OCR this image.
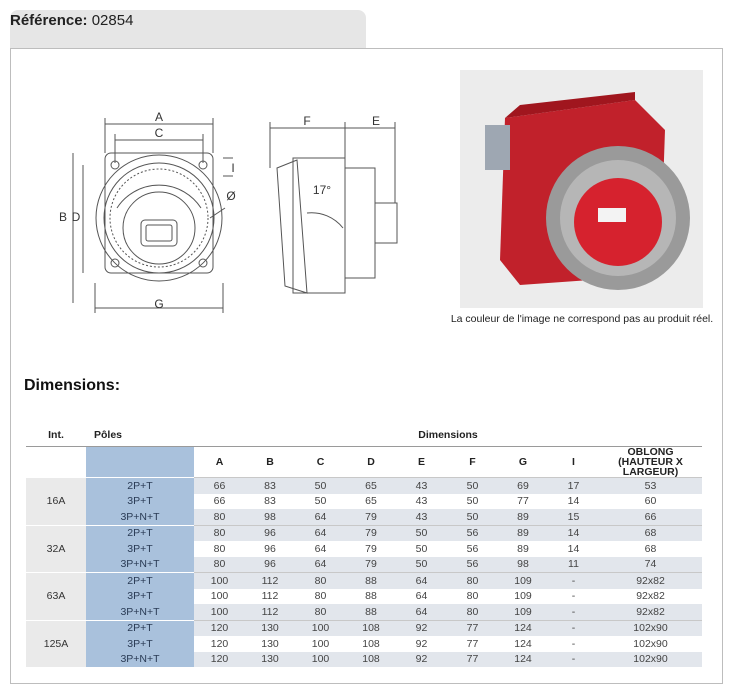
Référence: 02854
A
C
B D
G
I
Ø
F	E
17°
La couleur de l'image ne correspond pas au produit réel.
Dimensions:
Int.	Pôles	Dimensions								
		A	B	C	D	E	F	G	I	OBLONG
(HAUTEUR X LARGEUR)
16A	2P+T	66	83	50	65	43	50	69	17	53
	3P+T	66	83	50	65	43	50	77	14	60
	3P+N+T	80	98	64	79	43	50	89	15	66
32A	2P+T	80	96	64	79	50	56	89	14	68
	3P+T	80	96	64	79	50	56	89	14	68
	3P+N+T	80	96	64	79	50	56	98	11	74
63A	2P+T	100	112	80	88	64	80	109	-	92x82
	3P+T	100	112	80	88	64	80	109	-	92x82
	3P+N+T	100	112	80	88	64	80	109	-	92x82
125A	2P+T	120	130	100	108	92	77	124	-	102x90
	3P+T	120	130	100	108	92	77	124	-	102x90
	3P+N+T	120	130	100	108	92	77	124	-	102x90
